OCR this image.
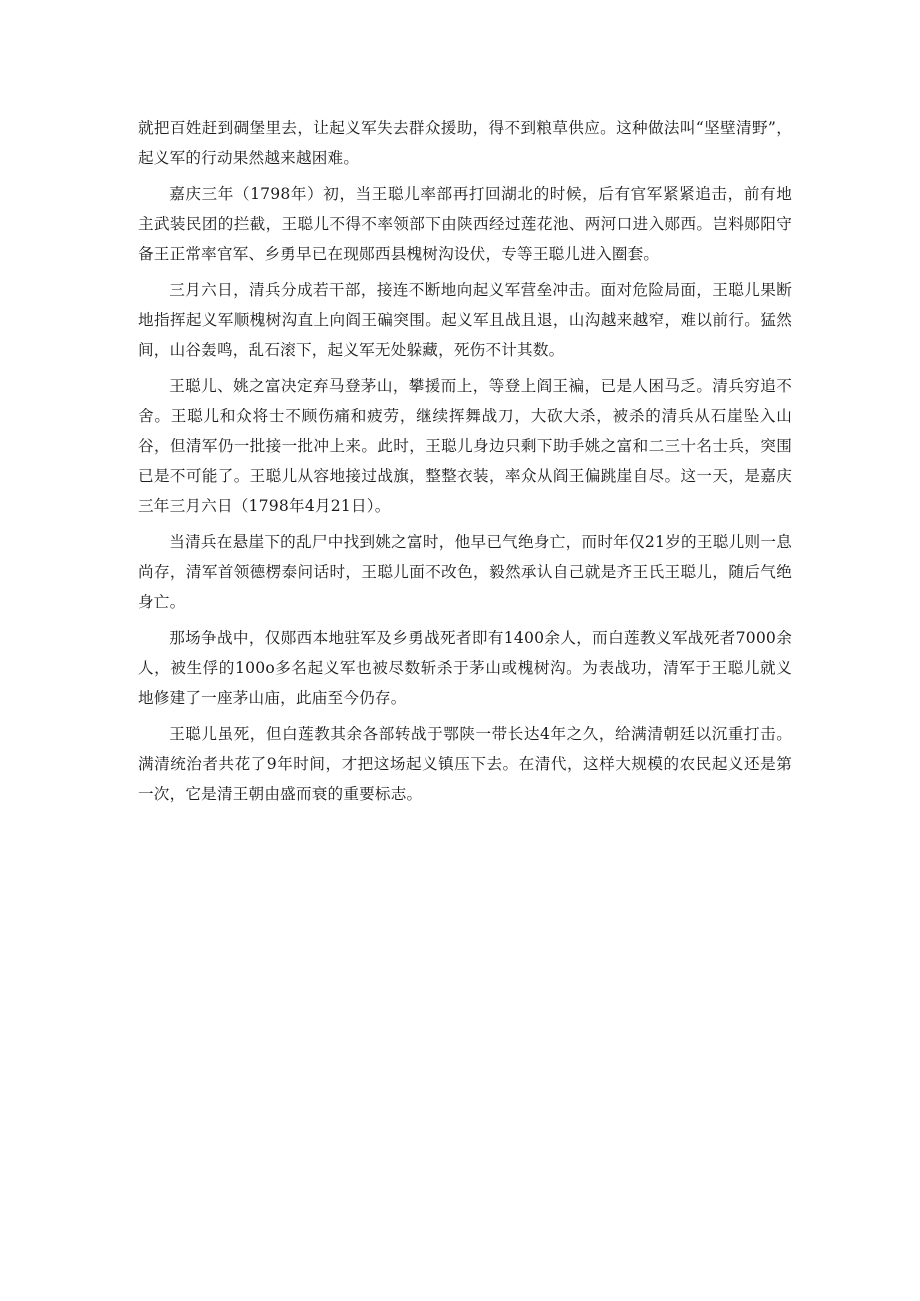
就把百姓赶到碉堡里去，让起义军失去群众援助，得不到粮草供应。这种做法叫“坚壁清野”，起义军的行动果然越来越困难。

嘉庆三年（1798年）初，当王聪儿率部再打回湖北的时候，后有官军紧紧追击，前有地主武装民团的拦截，王聪儿不得不率领部下由陕西经过莲花池、两河口进入郧西。岂料郧阳守备王正常率官军、乡勇早已在现郧西县槐树沟设伏，专等王聪儿进入圈套。

三月六日，清兵分成若干部，接连不断地向起义军营垒冲击。面对危险局面，王聪儿果断地指挥起义军顺槐树沟直上向阎王碥突围。起义军且战且退，山沟越来越窄，难以前行。猛然间，山谷轰鸣，乱石滚下，起义军无处躲藏，死伤不计其数。

王聪儿、姚之富决定弃马登茅山，攀援而上，等登上阎王褊，已是人困马乏。清兵穷追不舍。王聪儿和众将士不顾伤痛和疲劳，继续挥舞战刀，大砍大杀，被杀的清兵从石崖坠入山谷，但清军仍一批接一批冲上来。此时，王聪儿身边只剩下助手姚之富和二三十名士兵，突围已是不可能了。王聪儿从容地接过战旗，整整衣装，率众从阎王偏跳崖自尽。这一天，是嘉庆三年三月六日（1798年4月21日）。

当清兵在悬崖下的乱尸中找到姚之富时，他早已气绝身亡，而时年仅21岁的王聪儿则一息尚存，清军首领德楞泰问话时，王聪儿面不改色，毅然承认自己就是齐王氏王聪儿，随后气绝身亡。

那场争战中，仅郧西本地驻军及乡勇战死者即有1400余人，而白莲教义军战死者7000余人，被生俘的100o多名起义军也被尽数斩杀于茅山或槐树沟。为表战功，清军于王聪儿就义地修建了一座茅山庙，此庙至今仍存。

王聪儿虽死，但白莲教其余各部转战于鄂陕一带长达4年之久，给满清朝廷以沉重打击。满清统治者共花了9年时间，才把这场起义镇压下去。在清代，这样大规模的农民起义还是第一次，它是清王朝由盛而衰的重要标志。
